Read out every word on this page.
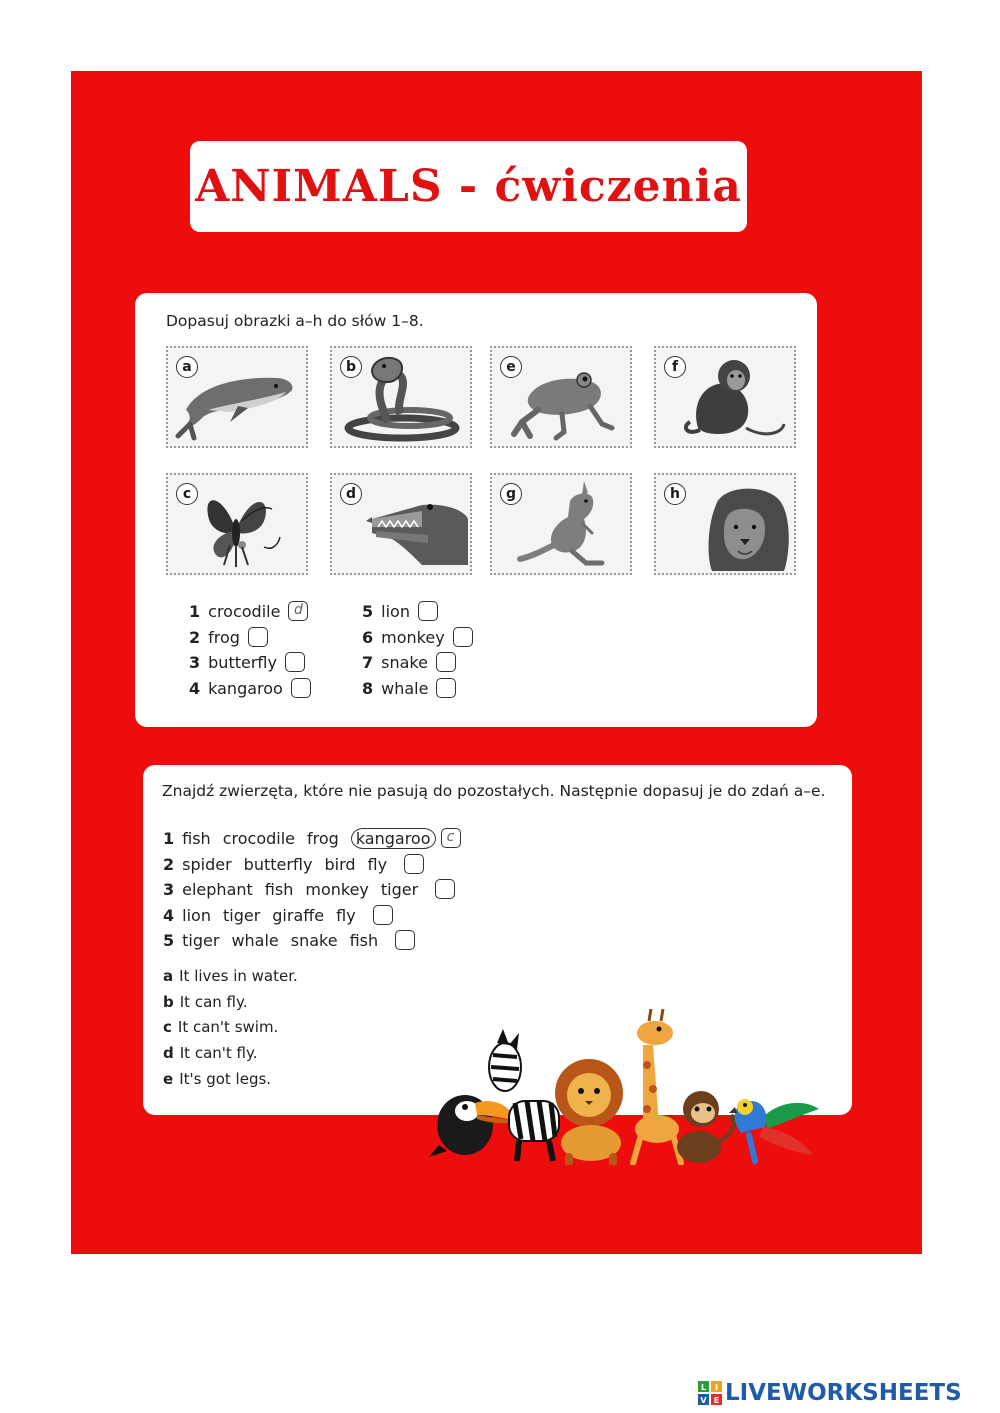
ANIMALS - ćwiczenia
Dopasuj obrazki a–h do słów 1–8.
a	b	e	f
c	d	g	h
1 crocodile d
2 frog
3 butterfly
4 kangaroo
5 lion
6 monkey
7 snake
8 whale
Znajdź zwierzęta, które nie pasują do pozostałych. Następnie dopasuj je do zdań a–e.
1 fish crocodile frog	kangaroo	c
2 spider butterfly bird fly
3 elephant fish monkey tiger
4 lion tiger giraffe fly
5 tiger whale snake fish
a It lives in water.
b It can fly.
c It can't swim.
d It can't fly.
e It's got legs.
L I
V E LIVEWORKSHEETS
